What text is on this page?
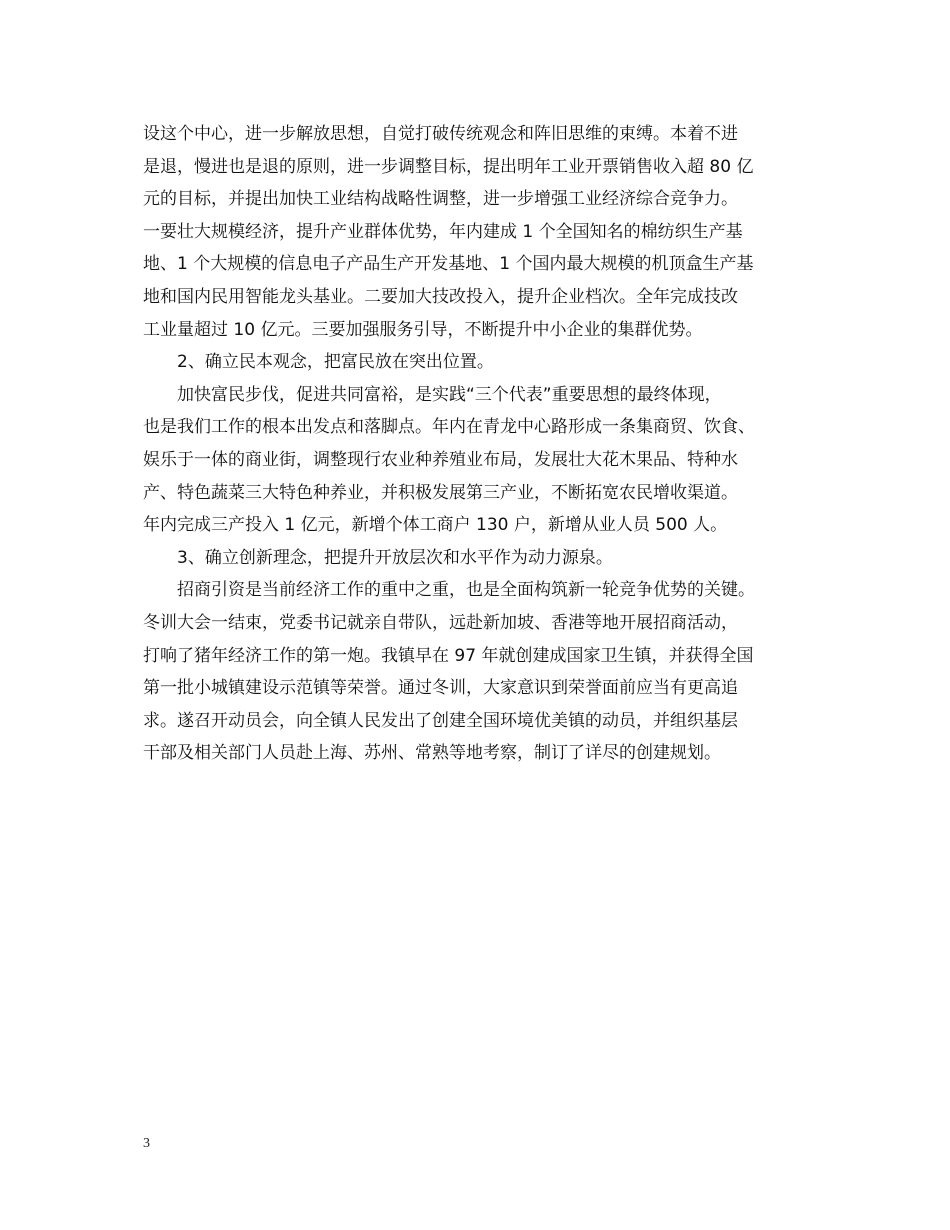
设这个中心，进一步解放思想，自觉打破传统观念和阵旧思维的束缚。本着不进
是退，慢进也是退的原则，进一步调整目标，提出明年工业开票销售收入超 80 亿
元的目标，并提出加快工业结构战略性调整，进一步增强工业经济综合竞争力。
一要壮大规模经济，提升产业群体优势，年内建成 1 个全国知名的棉纺织生产基
地、1 个大规模的信息电子产品生产开发基地、1 个国内最大规模的机顶盒生产基
地和国内民用智能龙头基业。二要加大技改投入，提升企业档次。全年完成技改
工业量超过 10 亿元。三要加强服务引导，不断提升中小企业的集群优势。
2、确立民本观念，把富民放在突出位置。
加快富民步伐，促进共同富裕，是实践“三个代表”重要思想的最终体现，
也是我们工作的根本出发点和落脚点。年内在青龙中心路形成一条集商贸、饮食、
娱乐于一体的商业街，调整现行农业种养殖业布局，发展壮大花木果品、特种水
产、特色蔬菜三大特色种养业，并积极发展第三产业，不断拓宽农民增收渠道。
年内完成三产投入 1 亿元，新增个体工商户 130 户，新增从业人员 500 人。
3、确立创新理念，把提升开放层次和水平作为动力源泉。
招商引资是当前经济工作的重中之重，也是全面构筑新一轮竞争优势的关键。
冬训大会一结束，党委书记就亲自带队，远赴新加坡、香港等地开展招商活动，
打响了猪年经济工作的第一炮。我镇早在 97 年就创建成国家卫生镇，并获得全国
第一批小城镇建设示范镇等荣誉。通过冬训，大家意识到荣誉面前应当有更高追
求。遂召开动员会，向全镇人民发出了创建全国环境优美镇的动员，并组织基层
干部及相关部门人员赴上海、苏州、常熟等地考察，制订了详尽的创建规划。
3
